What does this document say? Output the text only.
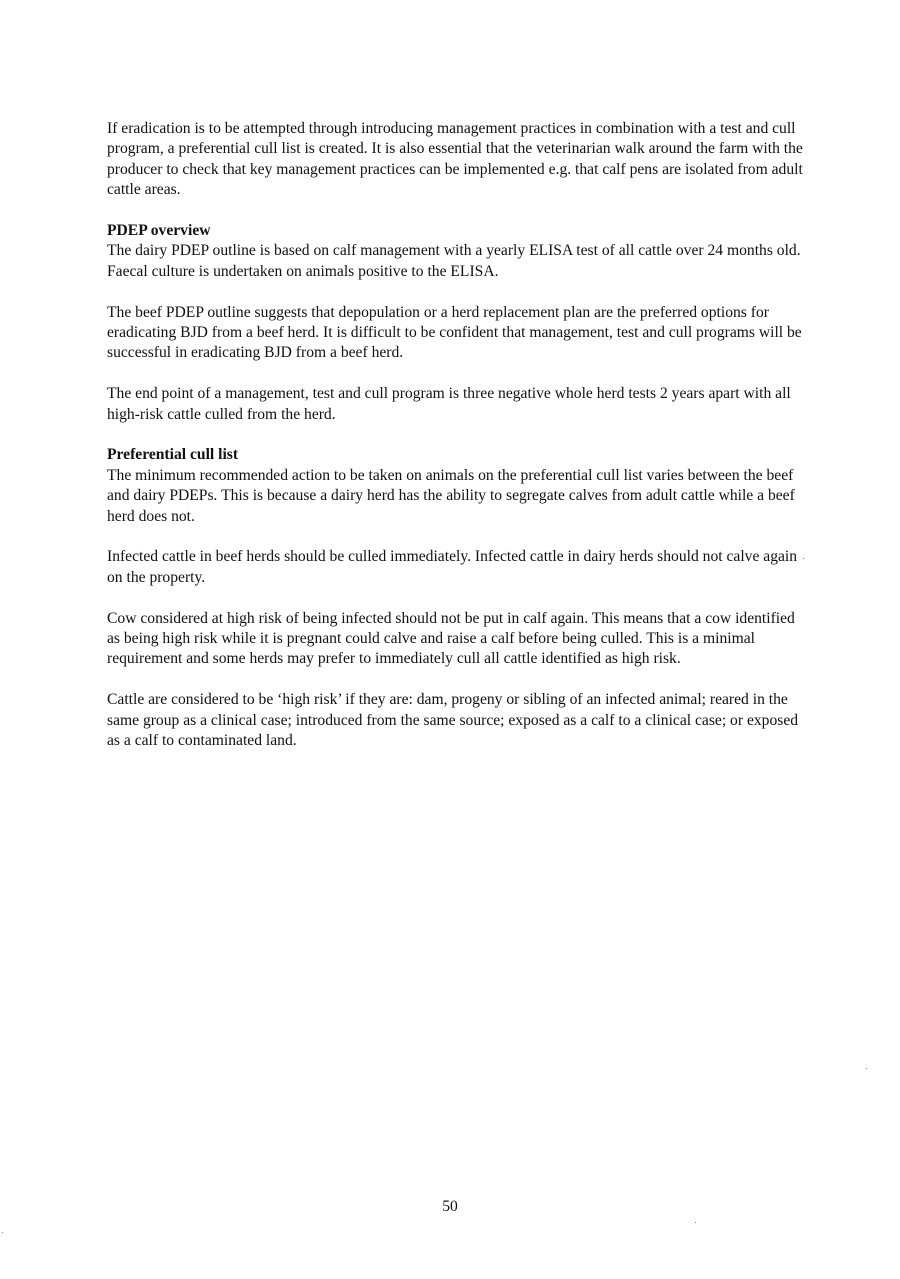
If eradication is to be attempted through introducing management practices in combination with a test and cull program, a preferential cull list is created. It is also essential that the veterinarian walk around the farm with the producer to check that key management practices can be implemented e.g. that calf pens are isolated from adult cattle areas.

PDEP overview

The dairy PDEP outline is based on calf management with a yearly ELISA test of all cattle over 24 months old. Faecal culture is undertaken on animals positive to the ELISA.

The beef PDEP outline suggests that depopulation or a herd replacement plan are the preferred options for eradicating BJD from a beef herd. It is difficult to be confident that management, test and cull programs will be successful in eradicating BJD from a beef herd.

The end point of a management, test and cull program is three negative whole herd tests 2 years apart with all high-risk cattle culled from the herd.

Preferential cull list

The minimum recommended action to be taken on animals on the preferential cull list varies between the beef and dairy PDEPs. This is because a dairy herd has the ability to segregate calves from adult cattle while a beef herd does not.

Infected cattle in beef herds should be culled immediately. Infected cattle in dairy herds should not calve again on the property.

Cow considered at high risk of being infected should not be put in calf again. This means that a cow identified as being high risk while it is pregnant could calve and raise a calf before being culled. This is a minimal requirement and some herds may prefer to immediately cull all cattle identified as high risk.

Cattle are considered to be ‘high risk’ if they are: dam, progeny or sibling of an infected animal; reared in the same group as a clinical case; introduced from the same source; exposed as a calf to a clinical case; or exposed as a calf to contaminated land.

50
